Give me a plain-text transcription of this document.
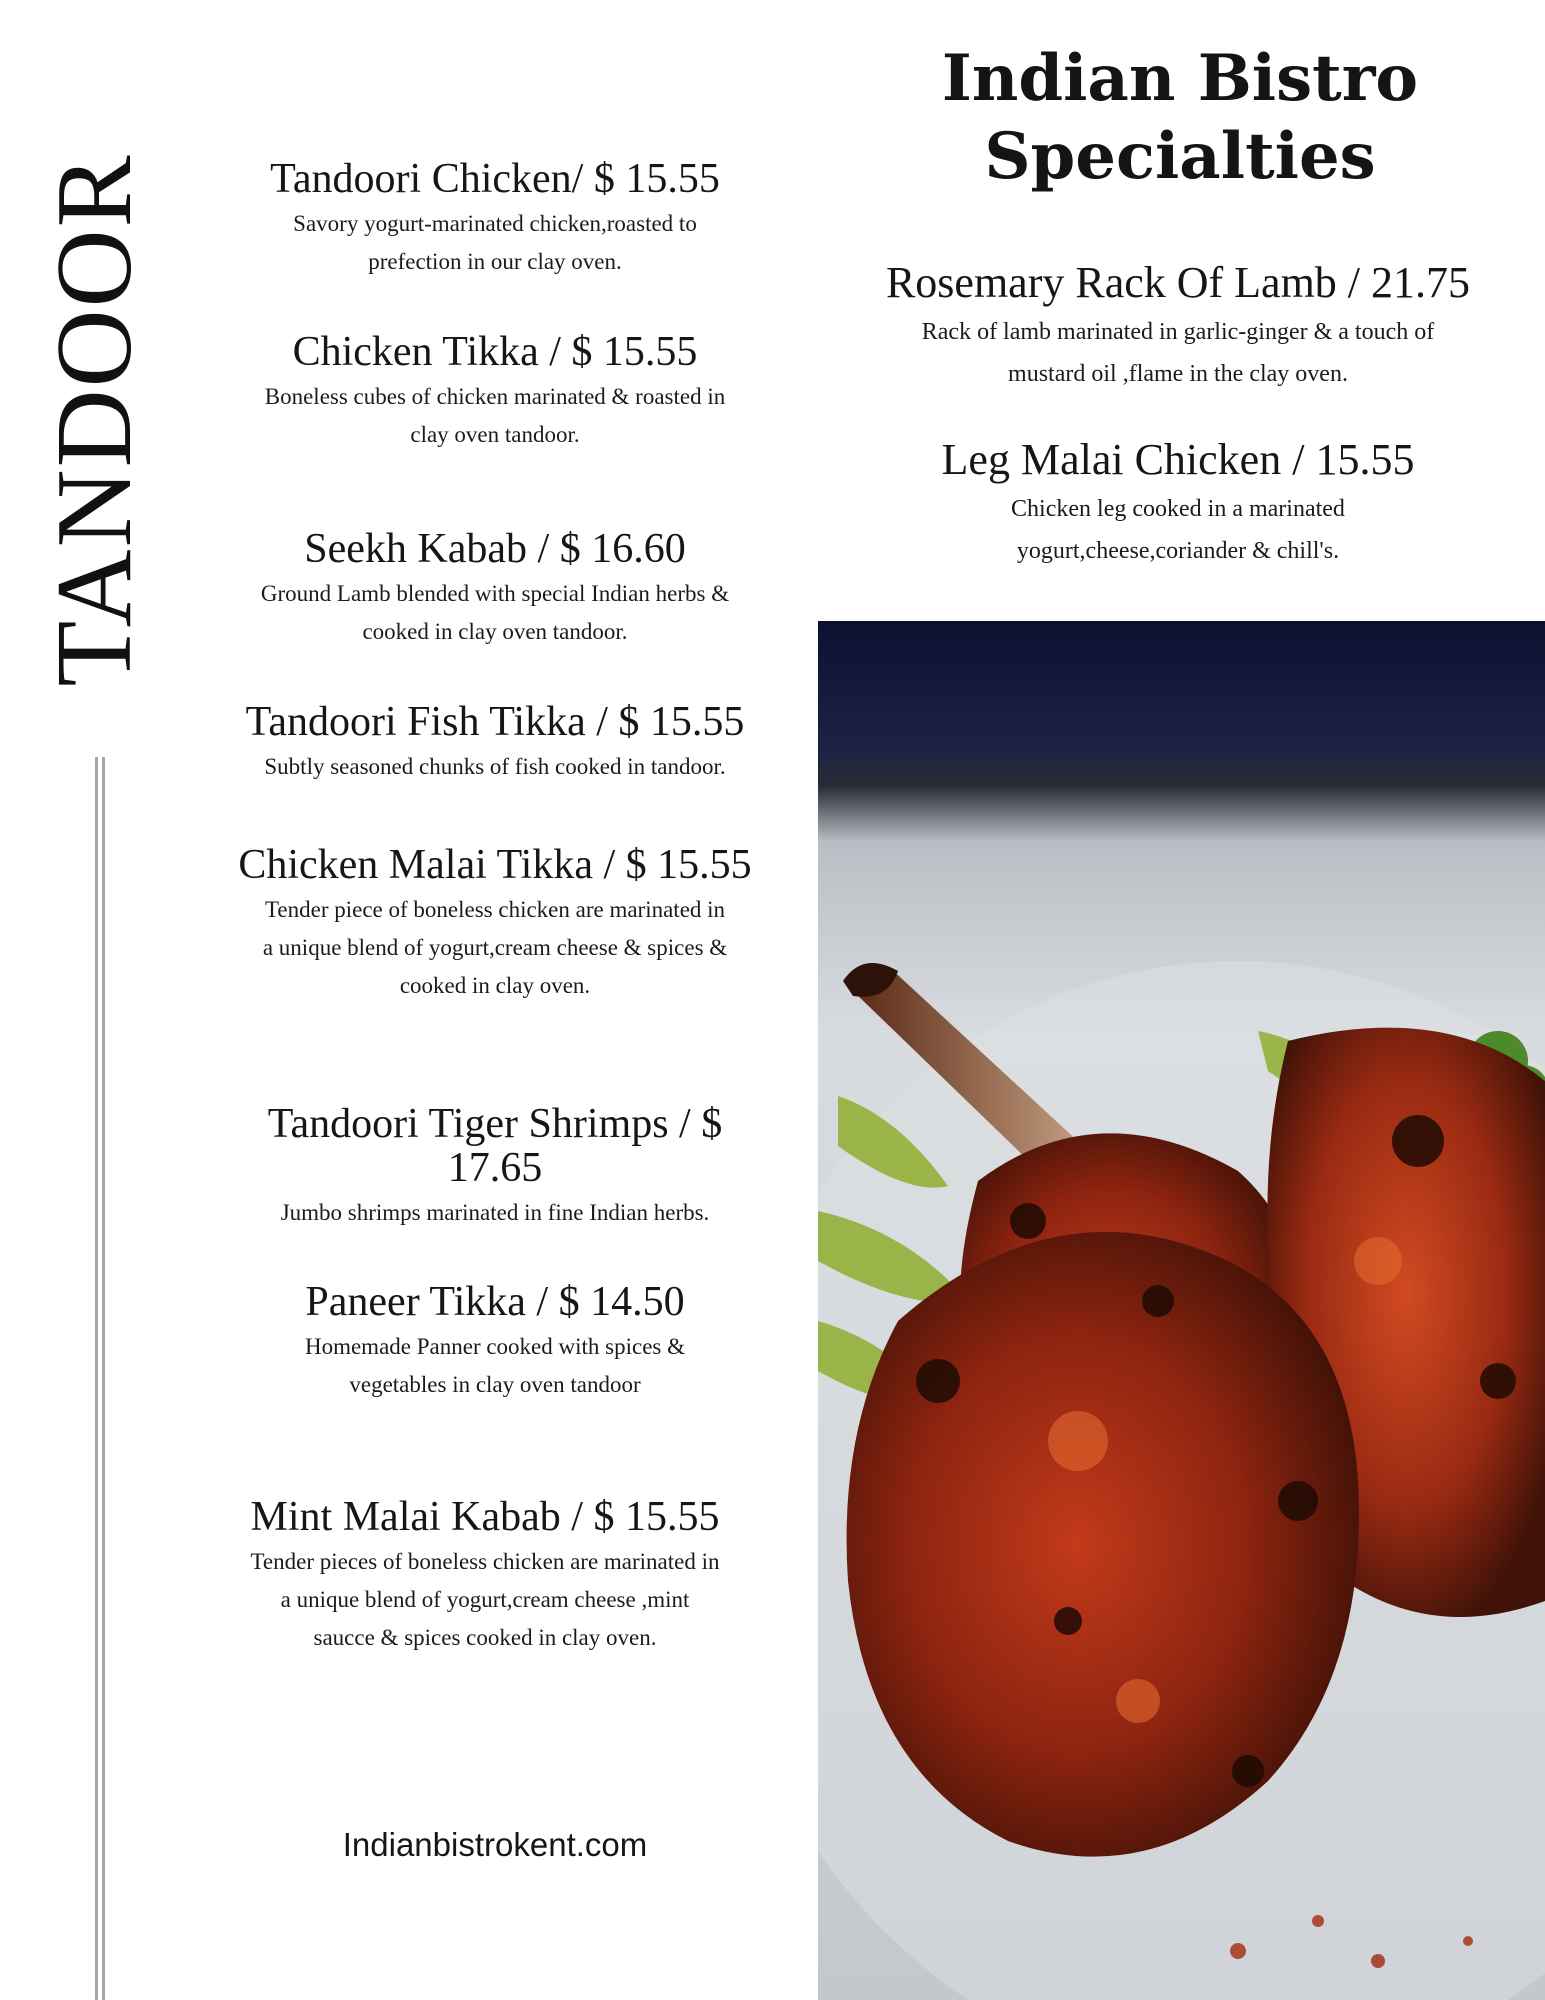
TANDOOR	Tandoori Chicken/ $ 15.55
Savory yogurt-marinated chicken,roasted to
prefection in our clay oven.
Chicken Tikka / $ 15.55
Boneless cubes of chicken marinated & roasted in
clay oven tandoor.
Seekh Kabab / $ 16.60
Ground Lamb blended with special Indian herbs &
cooked in clay oven tandoor.
Tandoori Fish Tikka / $ 15.55
Subtly seasoned chunks of fish cooked in tandoor.
Chicken Malai Tikka / $ 15.55
Tender piece of boneless chicken are marinated in
a unique blend of yogurt,cream cheese & spices &
cooked in clay oven.
Tandoori Tiger Shrimps / $
17.65
Jumbo shrimps marinated in fine Indian herbs.
Paneer Tikka / $ 14.50
Homemade Panner cooked with spices &
vegetables in clay oven tandoor
Mint Malai Kabab / $ 15.55
Tender pieces of boneless chicken are marinated in
a unique blend of yogurt,cream cheese ,mint
saucce & spices cooked in clay oven.
Indianbistrokent.com
Indian Bistro
Specialties
Rosemary Rack Of Lamb / 21.75
Rack of lamb marinated in garlic-ginger & a touch of
mustard oil ,flame in the clay oven.
Leg Malai Chicken / 15.55
Chicken leg cooked in a marinated
yogurt,cheese,coriander & chill's.
